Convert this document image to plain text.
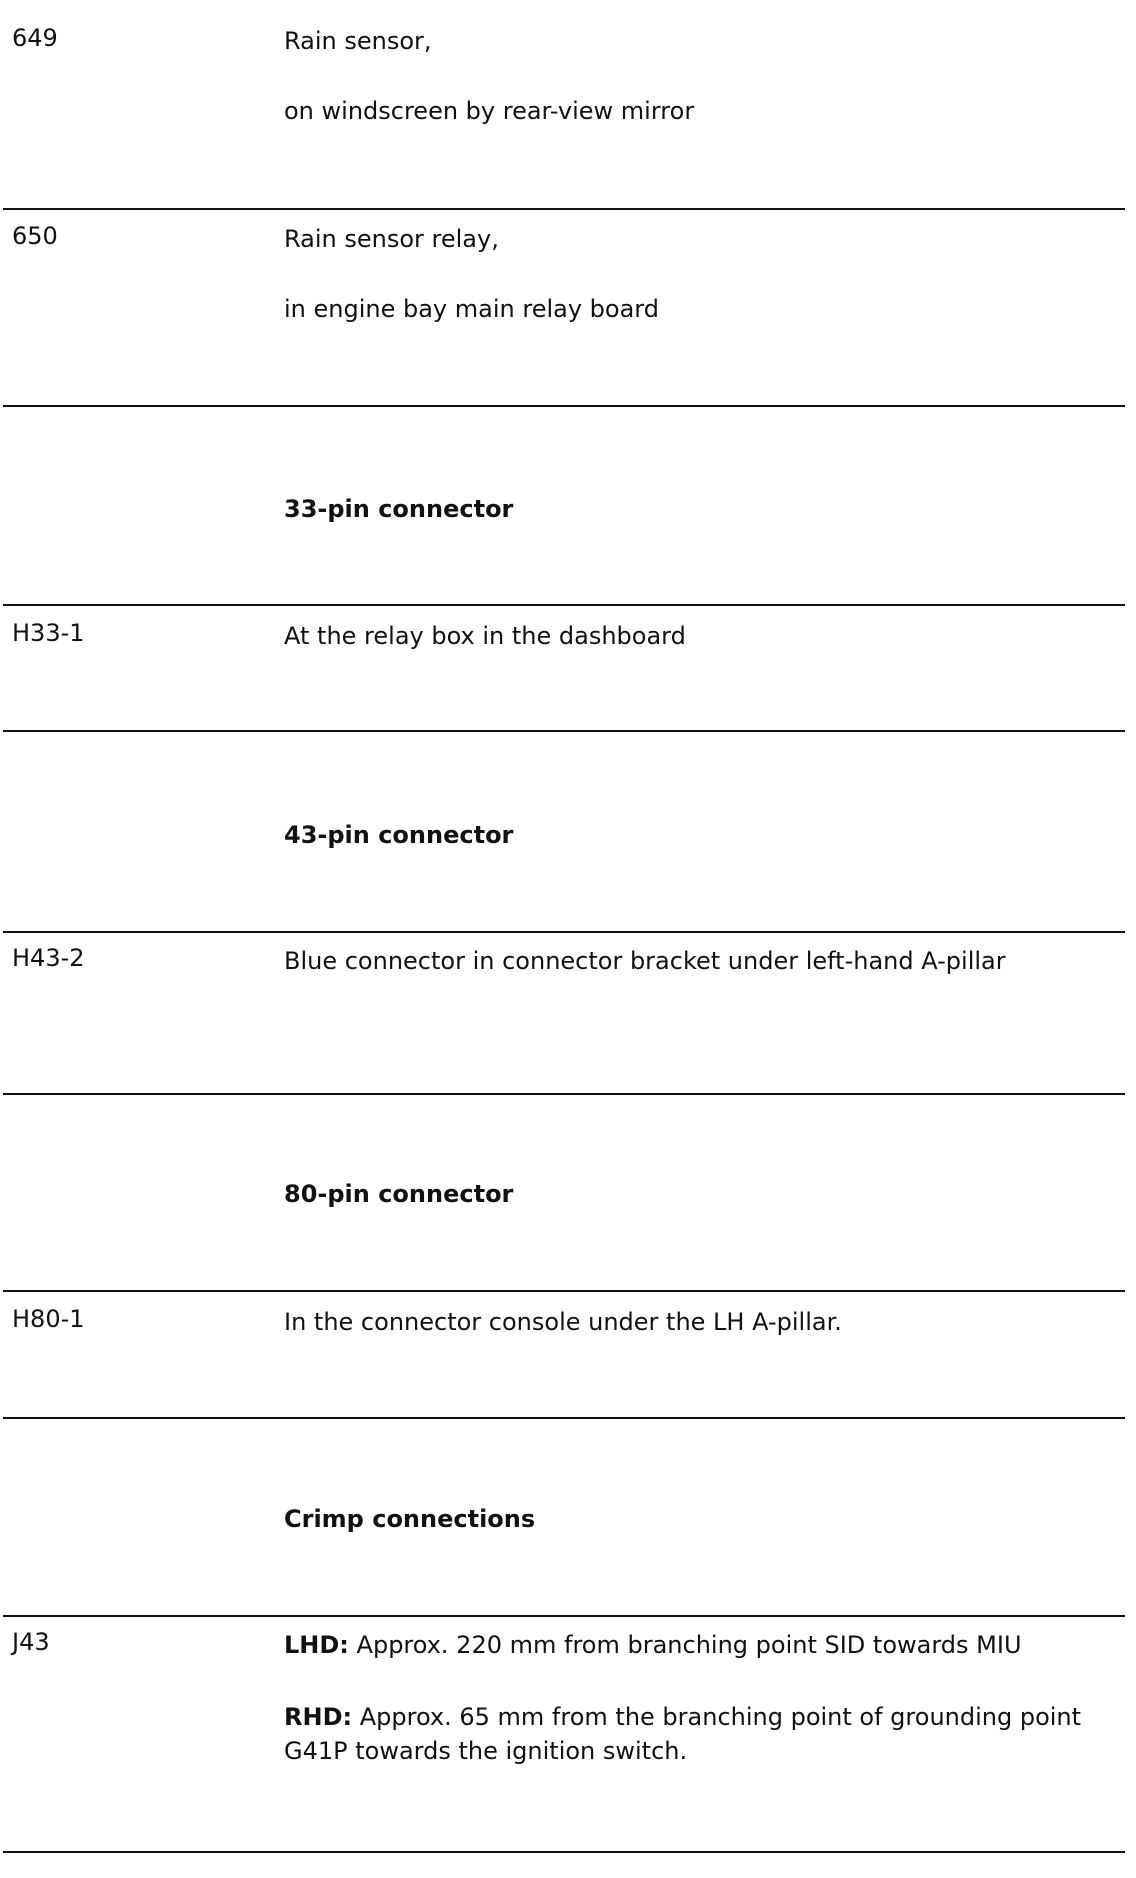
649	Rain sensor,

on windscreen by rear-view mirror

650	Rain sensor relay,

in engine bay main relay board

33-pin connector
H33-1	At the relay box in the dashboard

43-pin connector
H43-2	Blue connector in connector bracket under left-hand A-pillar

80-pin connector
H80-1	In the connector console under the LH A-pillar.

Crimp connections
J43	LHD: Approx. 220 mm from branching point SID towards MIU

RHD: Approx. 65 mm from the branching point of grounding point G41P towards the ignition switch.
